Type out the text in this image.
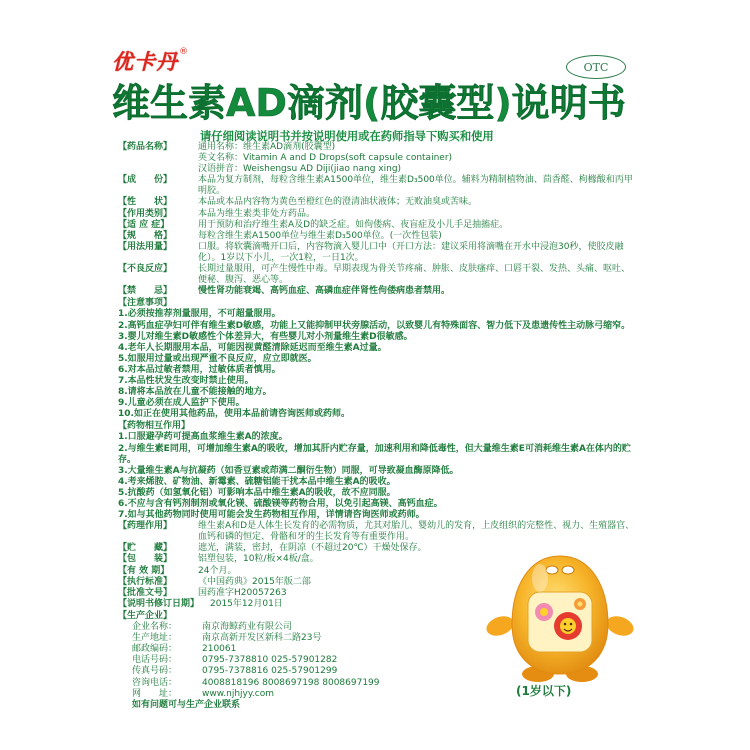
优卡丹 ®
OTC
维生素AD滴剂(胶囊型)说明书
请仔细阅读说明书并按说明使用或在药师指导下购买和使用
【药品名称】	通用名称： 维生素AD滴剂(胶囊型)
英文名称： Vitamin A and D Drops(soft capsule container)
汉语拼音： Weishengsu AD Diji(jiao nang xing)
【成　　份】	本品为复方制剂，每粒含维生素A1500单位，维生素D₃500单位。辅料为精制植物油、茴香醛、枸橼酸和丙甲明胶。
【性　　状】	本品或本品内容物为黄色至橙红色的澄清油状液体；无败油臭或苦味。
【作用类别】	本品为维生素类非处方药品。
【适 应 症】	用于预防和治疗维生素A及D的缺乏症。如佝偻病、夜盲症及小儿手足抽搐症。
【规　　格】	每粒含维生素A1500单位与维生素D₃500单位。(一次性包装)
【用法用量】	口服。将软囊滴嘴开口后，内容物滴入婴儿口中（开口方法：建议采用将滴嘴在开水中浸泡30秒，使胶皮融化）。1岁以下小儿，一次1粒，一日1次。
【不良反应】	长期过量服用，可产生慢性中毒。早期表现为骨关节疼痛、肿胀、皮肤瘙痒、口唇干裂、发热、头痛、呕吐、便秘、腹泻、恶心等。
【禁　　忌】	慢性肾功能衰竭、高钙血症、高磷血症伴肾性佝偻病患者禁用。
【注意事项】
1.必须按推荐剂量服用，不可超量服用。
2.高钙血症孕妇可伴有维生素D敏感，功能上又能抑制甲状旁腺活动，以致婴儿有特殊面容、智力低下及患遗传性主动脉弓缩窄。
3.婴儿对维生素D敏感性个体差异大，有些婴儿对小剂量维生素D很敏感。
4.老年人长期服用本品，可能因视黄醛清除延迟而至维生素A过量。
5.如服用过量或出现严重不良反应，应立即就医。
6.对本品过敏者禁用，过敏体质者慎用。
7.本品性状发生改变时禁止使用。
8.请将本品放在儿童不能接触的地方。
9.儿童必须在成人监护下使用。
10.如正在使用其他药品，使用本品前请咨询医师或药师。
【药物相互作用】
1.口服避孕药可提高血浆维生素A的浓度。
2.与维生素E同用，可增加维生素A的吸收，增加其肝内贮存量，加速利用和降低毒性，但大量维生素E可消耗维生素A在体内的贮存。
3.大量维生素A与抗凝药（如香豆素或茚满二酮衍生物）同服，可导致凝血酶原降低。
4.考来烯胺、矿物油、新霉素、硫糖铝能干扰本品中维生素A的吸收。
5.抗酸药（如氢氧化铝）可影响本品中维生素A的吸收，故不应同服。
6.不应与含有钙剂制剂或氧化镁、硫酸镁等药物合用，以免引起高镁、高钙血症。
7.如与其他药物同时使用可能会发生药物相互作用，详情请咨询医师或药师。
【药理作用】	维生素A和D是人体生长发育的必需物质，尤其对胎儿、婴幼儿的发育，上皮组织的完整性、视力、生殖器官、血钙和磷的恒定、骨骼和牙的生长发育等有重要作用。
【贮　　藏】	遮光，满装，密封，在阴凉（不超过20℃）干燥处保存。
【包　　装】	铝塑包装，10粒/板×4板/盒。
【有 效 期】	24个月。
【执行标准】	《中国药典》2015年版二部
【批准文号】	国药准字H20057263
【说明书修订日期】	2015年12月01日
【生产企业】
企业名称：	南京海鲸药业有限公司
生产地址：	南京高新开发区新科二路23号
邮政编码：	210061
电话号码：	0795-7378810 025-57901282
传真号码：	0795-7378816 025-57901299
咨询电话：	4008818196 8008697198 8008697199
网　　址：	www.njhjyy.com
如有问题可与生产企业联系
(1岁以下)
